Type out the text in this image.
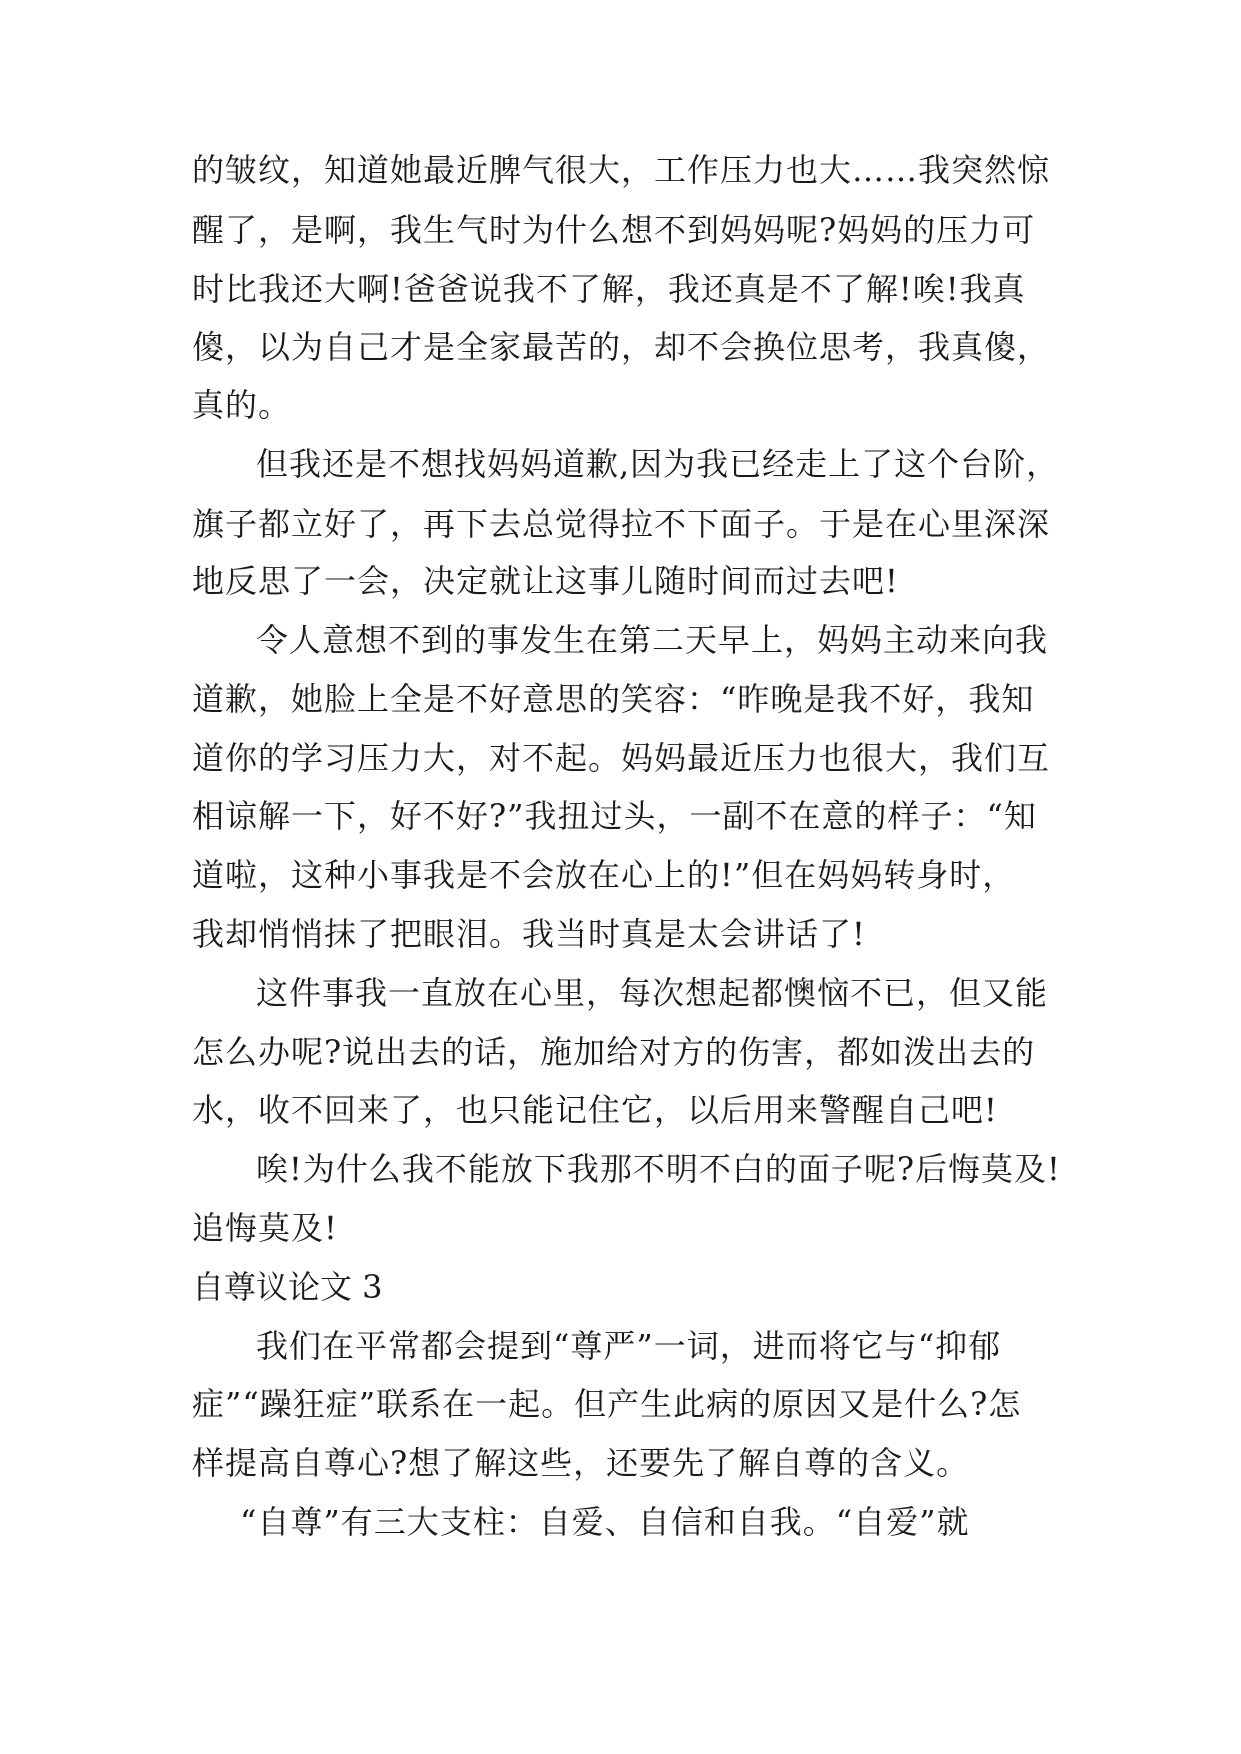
的皱纹，知道她最近脾气很大，工作压力也大……我突然惊
醒了，是啊，我生气时为什么想不到妈妈呢?妈妈的压力可
时比我还大啊!爸爸说我不了解，我还真是不了解!唉!我真
傻，以为自己才是全家最苦的，却不会换位思考，我真傻，
真的。
但我还是不想找妈妈道歉,因为我已经走上了这个台阶，
旗子都立好了，再下去总觉得拉不下面子。于是在心里深深
地反思了一会，决定就让这事儿随时间而过去吧!
令人意想不到的事发生在第二天早上，妈妈主动来向我
道歉，她脸上全是不好意思的笑容：“昨晚是我不好，我知
道你的学习压力大，对不起。妈妈最近压力也很大，我们互
相谅解一下，好不好?”我扭过头，一副不在意的样子：“知
道啦，这种小事我是不会放在心上的!”但在妈妈转身时，
我却悄悄抹了把眼泪。我当时真是太会讲话了!
这件事我一直放在心里，每次想起都懊恼不已，但又能
怎么办呢?说出去的话，施加给对方的伤害，都如泼出去的
水，收不回来了，也只能记住它，以后用来警醒自己吧!
唉!为什么我不能放下我那不明不白的面子呢?后悔莫及!
追悔莫及!
自尊议论文 3
我们在平常都会提到“尊严”一词，进而将它与“抑郁
症”“躁狂症”联系在一起。但产生此病的原因又是什么?怎
样提高自尊心?想了解这些，还要先了解自尊的含义。
“自尊”有三大支柱：自爱、自信和自我。“自爱”就
